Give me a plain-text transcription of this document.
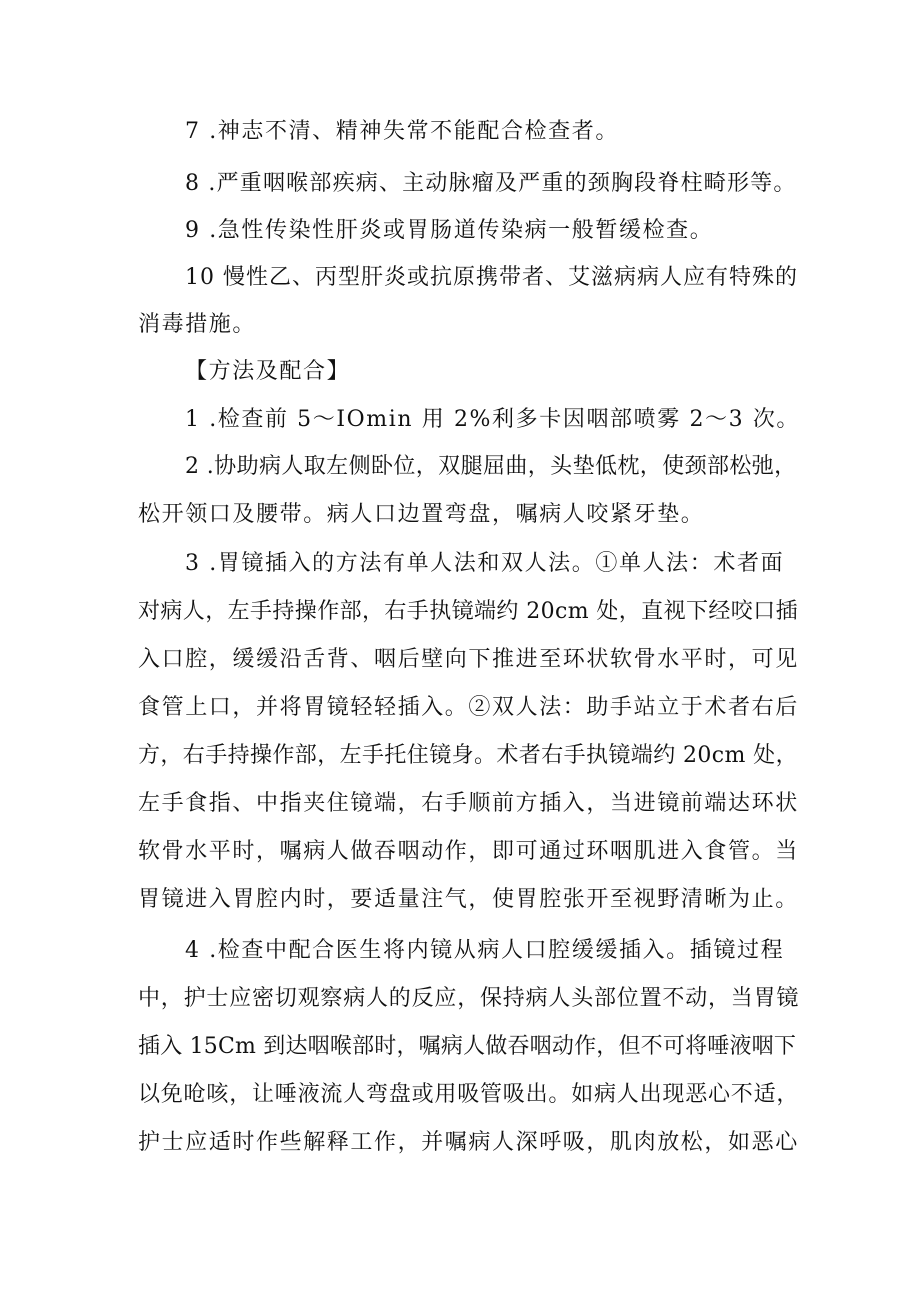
7 .神志不清、精神失常不能配合检查者。
8 .严重咽喉部疾病、主动脉瘤及严重的颈胸段脊柱畸形等。
9 .急性传染性肝炎或胃肠道传染病一般暂缓检查。
10 慢性乙、丙型肝炎或抗原携带者、艾滋病病人应有特殊的
消毒措施。
【方法及配合】
1 .检查前 5～IOmin 用 2%利多卡因咽部喷雾 2～3 次。
2 .协助病人取左侧卧位，双腿屈曲，头垫低枕，使颈部松弛，
松开领口及腰带。病人口边置弯盘，嘱病人咬紧牙垫。
3 .胃镜插入的方法有单人法和双人法。①单人法：术者面
对病人，左手持操作部，右手执镜端约 20cm 处，直视下经咬口插
入口腔，缓缓沿舌背、咽后壁向下推进至环状软骨水平时，可见
食管上口，并将胃镜轻轻插入。②双人法：助手站立于术者右后
方，右手持操作部，左手托住镜身。术者右手执镜端约 20cm 处，
左手食指、中指夹住镜端，右手顺前方插入，当进镜前端达环状
软骨水平时，嘱病人做吞咽动作，即可通过环咽肌进入食管。当
胃镜进入胃腔内时，要适量注气，使胃腔张开至视野清晰为止。
4 .检查中配合医生将内镜从病人口腔缓缓插入。插镜过程
中，护士应密切观察病人的反应，保持病人头部位置不动，当胃镜
插入 15Cm 到达咽喉部时，嘱病人做吞咽动作，但不可将唾液咽下
以免呛咳，让唾液流人弯盘或用吸管吸出。如病人出现恶心不适，
护士应适时作些解释工作，并嘱病人深呼吸，肌肉放松，如恶心
